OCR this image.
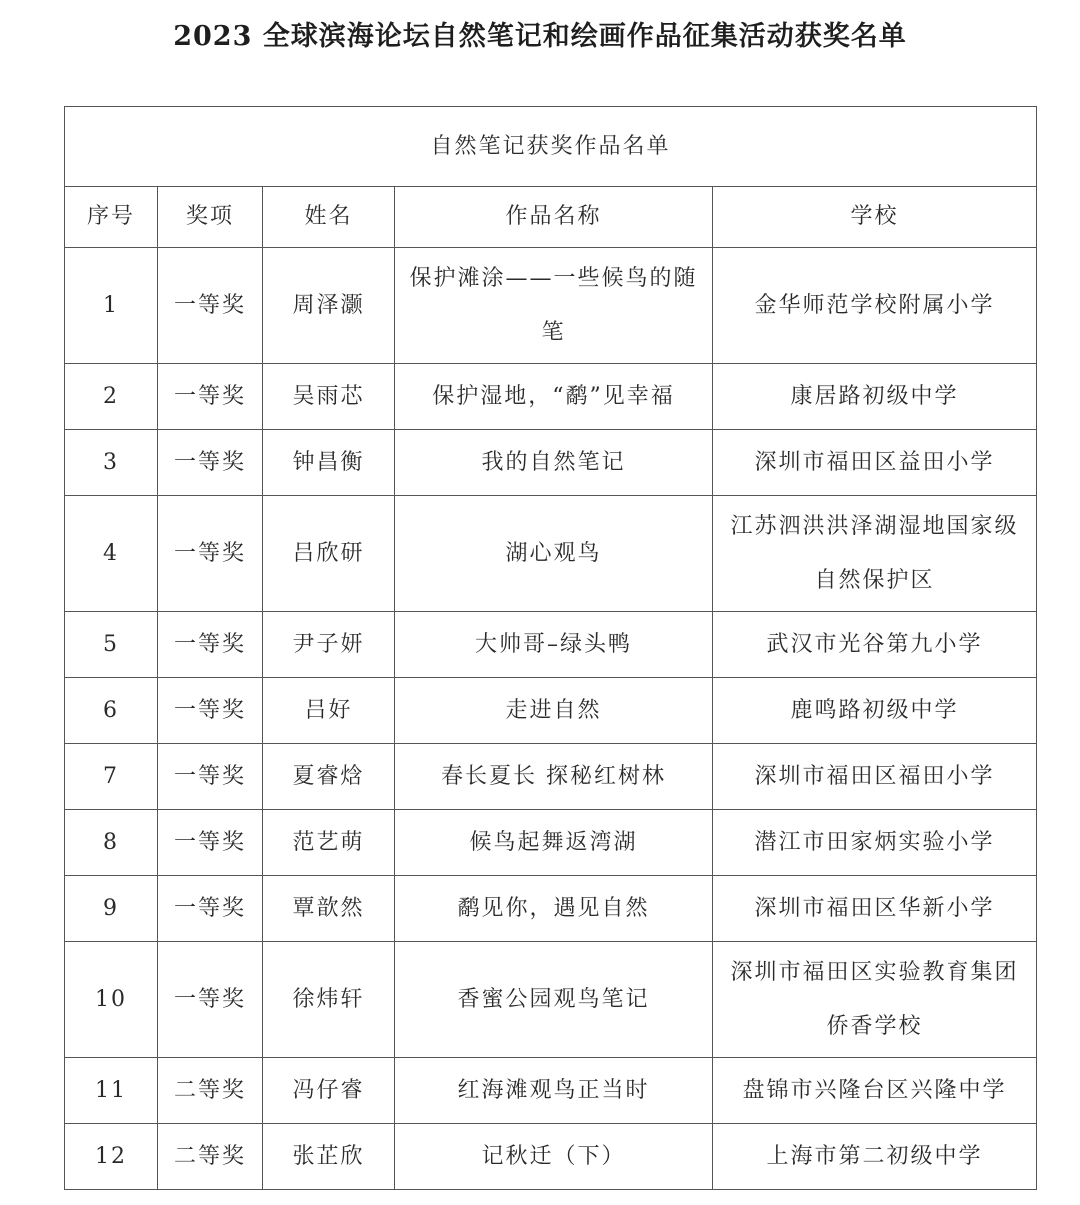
2023 全球滨海论坛自然笔记和绘画作品征集活动获奖名单
自然笔记获奖作品名单				
序号	奖项	姓名	作品名称	学校
1	一等奖	周泽灏	保护滩涂——一些候鸟的随笔	金华师范学校附属小学
2	一等奖	吴雨芯	保护湿地，“鹬”见幸福	康居路初级中学
3	一等奖	钟昌衡	我的自然笔记	深圳市福田区益田小学
4	一等奖	吕欣研	湖心观鸟	江苏泗洪洪泽湖湿地国家级自然保护区
5	一等奖	尹子妍	大帅哥–绿头鸭	武汉市光谷第九小学
6	一等奖	吕好	走进自然	鹿鸣路初级中学
7	一等奖	夏睿焓	春长夏长 探秘红树林	深圳市福田区福田小学
8	一等奖	范艺萌	候鸟起舞返湾湖	潜江市田家炳实验小学
9	一等奖	覃歆然	鹬见你，遇见自然	深圳市福田区华新小学
10	一等奖	徐炜轩	香蜜公园观鸟笔记	深圳市福田区实验教育集团侨香学校
11	二等奖	冯仔睿	红海滩观鸟正当时	盘锦市兴隆台区兴隆中学
12	二等奖	张芷欣	记秋迁（下）	上海市第二初级中学
